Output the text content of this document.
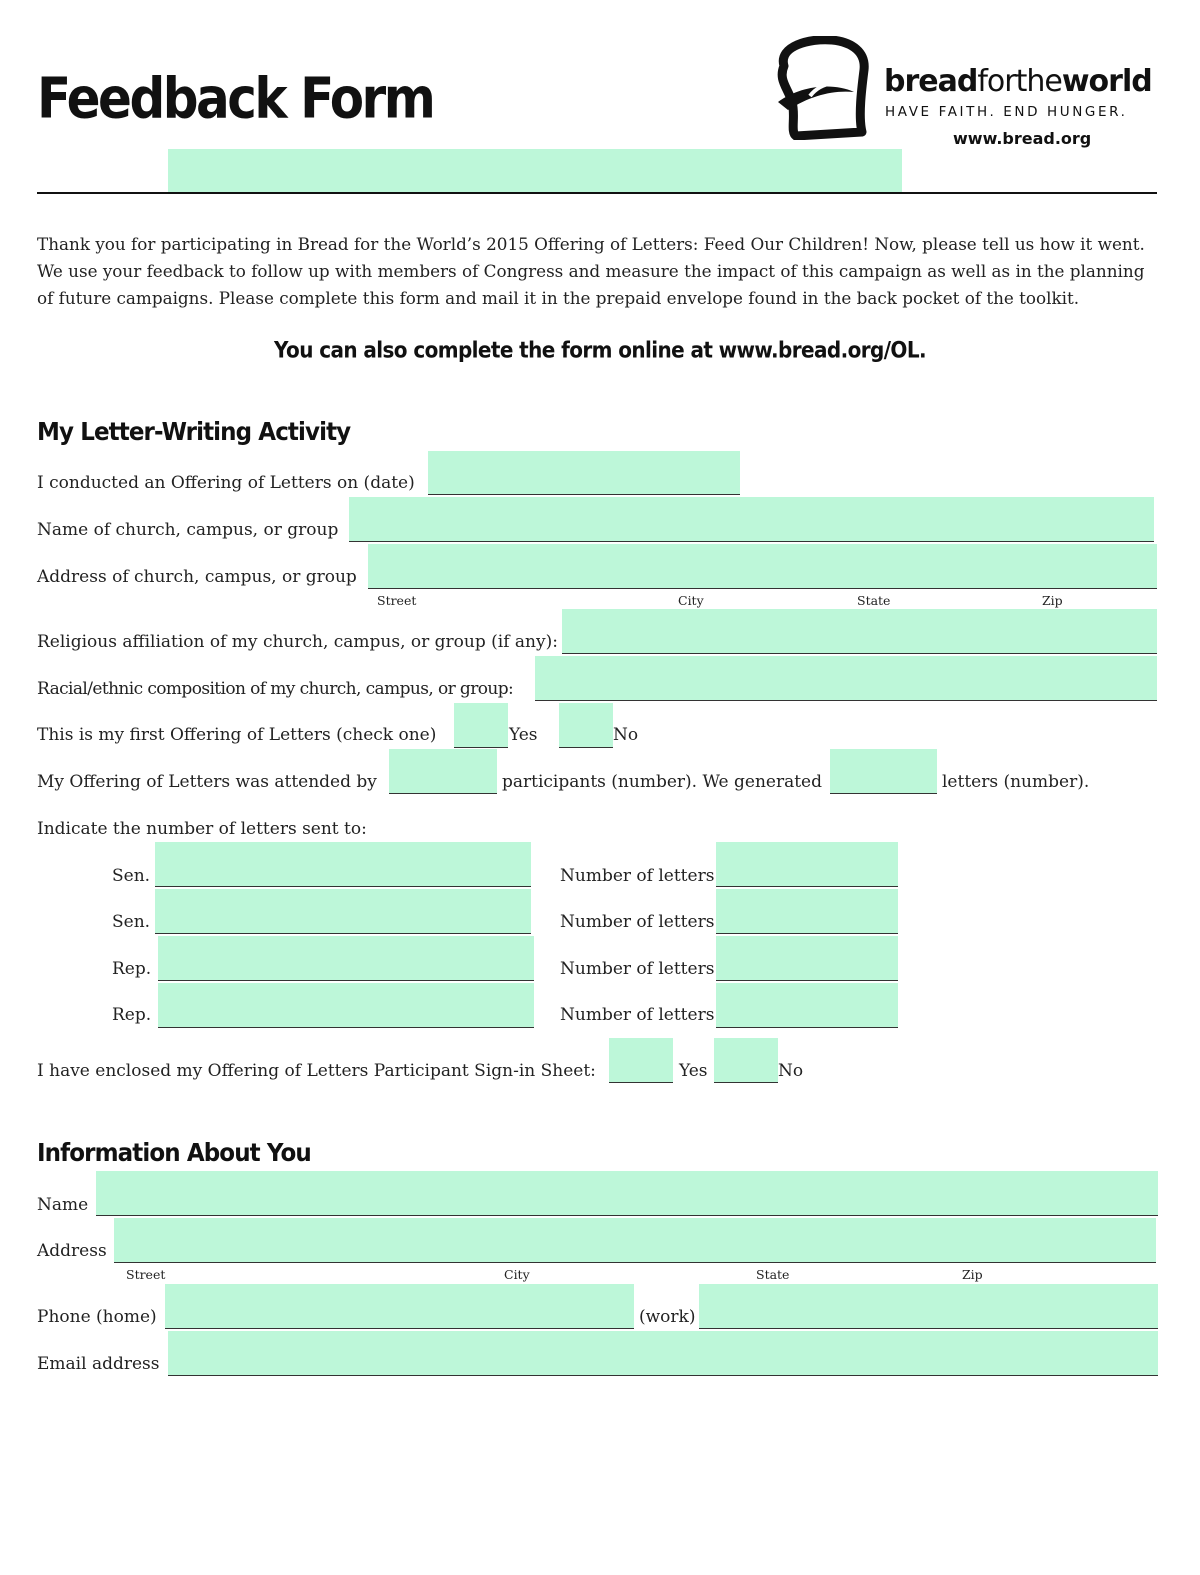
Feedback Form	breadfortheworld
HAVE FAITH. END HUNGER.
www.bread.org
Thank you for participating in Bread for the World’s 2015 Offering of Letters: Feed Our Children! Now, please tell us how it went. We use your feedback to follow up with members of Congress and measure the impact of this campaign as well as in the planning of future campaigns. Please complete this form and mail it in the prepaid envelope found in the back pocket of the toolkit.
You can also complete the form online at www.bread.org/OL.
My Letter-Writing Activity
I conducted an Offering of Letters on (date)
Name of church, campus, or group
Address of church, campus, or group
Street	City	State	Zip
Religious affiliation of my church, campus, or group (if any):
Racial/ethnic composition of my church, campus, or group:
This is my first Offering of Letters (check one)	Yes	No
My Offering of Letters was attended by	participants (number). We generated	letters (number).
Indicate the number of letters sent to:
Sen.	Number of letters
Sen.	Number of letters
Rep.	Number of letters
Rep.	Number of letters
I have enclosed my Offering of Letters Participant Sign-in Sheet:	Yes	No
Information About You
Name
Address
Street	City	State	Zip
Phone (home)	(work)
Email address
